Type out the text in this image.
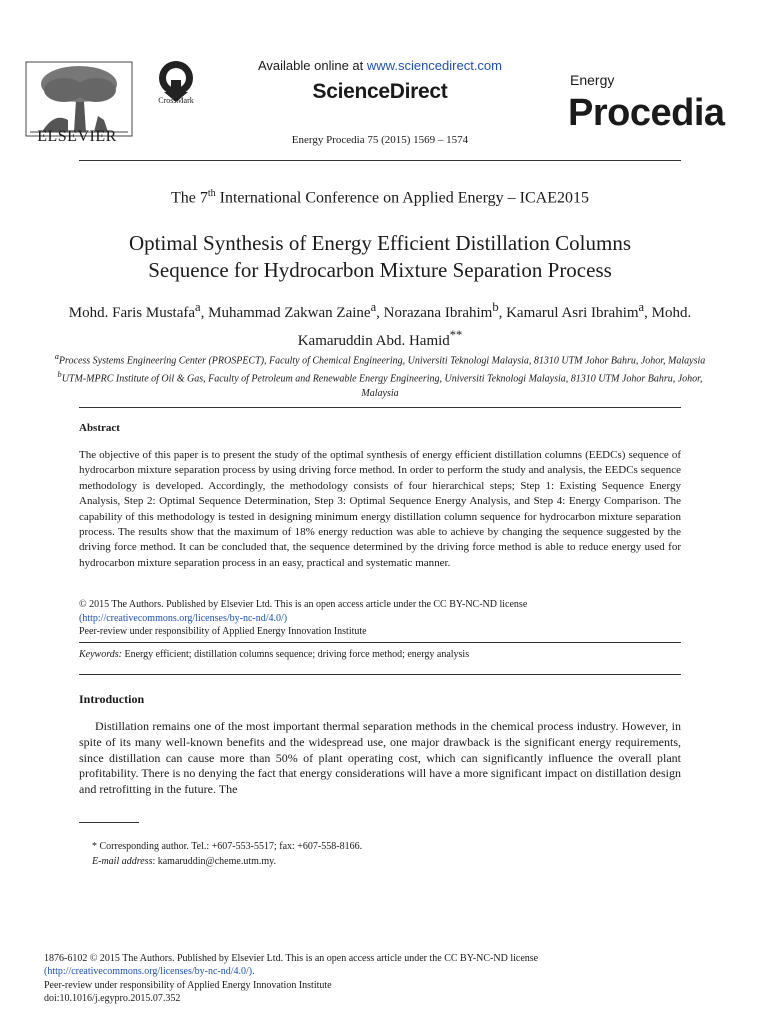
ELSEVIER
CrossMark
Available online at www.sciencedirect.com
ScienceDirect
Energy Procedia 75 (2015) 1569 – 1574
Energy
Procedia
The 7th International Conference on Applied Energy – ICAE2015
Optimal Synthesis of Energy Efficient Distillation Columns
Sequence for Hydrocarbon Mixture Separation Process
Mohd. Faris Mustafa$^a$, Muhammad Zakwan Zaine$^a$, Norazana Ibrahim$^b$, Kamarul Asri Ibrahim$^a$, Mohd. Kamaruddin Abd. Hamid**
$^a$Process Systems Engineering Center (PROSPECT), Faculty of Chemical Engineering, Universiti Teknologi Malaysia, 81310 UTM Johor Bahru, Johor, Malaysia
$^b$UTM-MPRC Institute of Oil & Gas, Faculty of Petroleum and Renewable Energy Engineering, Universiti Teknologi Malaysia, 81310 UTM Johor Bahru, Johor, Malaysia
Abstract
The objective of this paper is to present the study of the optimal synthesis of energy efficient distillation columns (EEDCs) sequence of hydrocarbon mixture separation process by using driving force method. In order to perform the study and analysis, the EEDCs sequence methodology is developed. Accordingly, the methodology consists of four hierarchical steps; Step 1: Existing Sequence Energy Analysis, Step 2: Optimal Sequence Determination, Step 3: Optimal Sequence Energy Analysis, and Step 4: Energy Comparison. The capability of this methodology is tested in designing minimum energy distillation column sequence for hydrocarbon mixture separation process. The results show that the maximum of 18% energy reduction was able to achieve by changing the sequence suggested by the driving force method. It can be concluded that, the sequence determined by the driving force method is able to reduce energy used for hydrocarbon mixture separation process in an easy, practical and systematic manner.
© 2015 The Authors. Published by Elsevier Ltd. This is an open access article under the CC BY-NC-ND license
(http://creativecommons.org/licenses/by-nc-nd/4.0/)
Peer-review under responsibility of Applied Energy Innovation Institute
Keywords: Energy efficient; distillation columns sequence; driving force method; energy analysis
Introduction
Distillation remains one of the most important thermal separation methods in the chemical process industry. However, in spite of its many well-known benefits and the widespread use, one major drawback is the significant energy requirements, since distillation can cause more than 50% of plant operating cost, which can significantly influence the overall plant profitability. There is no denying the fact that energy considerations will have a more significant impact on distillation design and retrofitting in the future. The
* Corresponding author. Tel.: +607-553-5517; fax: +607-558-8166.
E-mail address: kamaruddin@cheme.utm.my.
1876-6102 © 2015 The Authors. Published by Elsevier Ltd. This is an open access article under the CC BY-NC-ND license
(http://creativecommons.org/licenses/by-nc-nd/4.0/).
Peer-review under responsibility of Applied Energy Innovation Institute
doi:10.1016/j.egypro.2015.07.352
